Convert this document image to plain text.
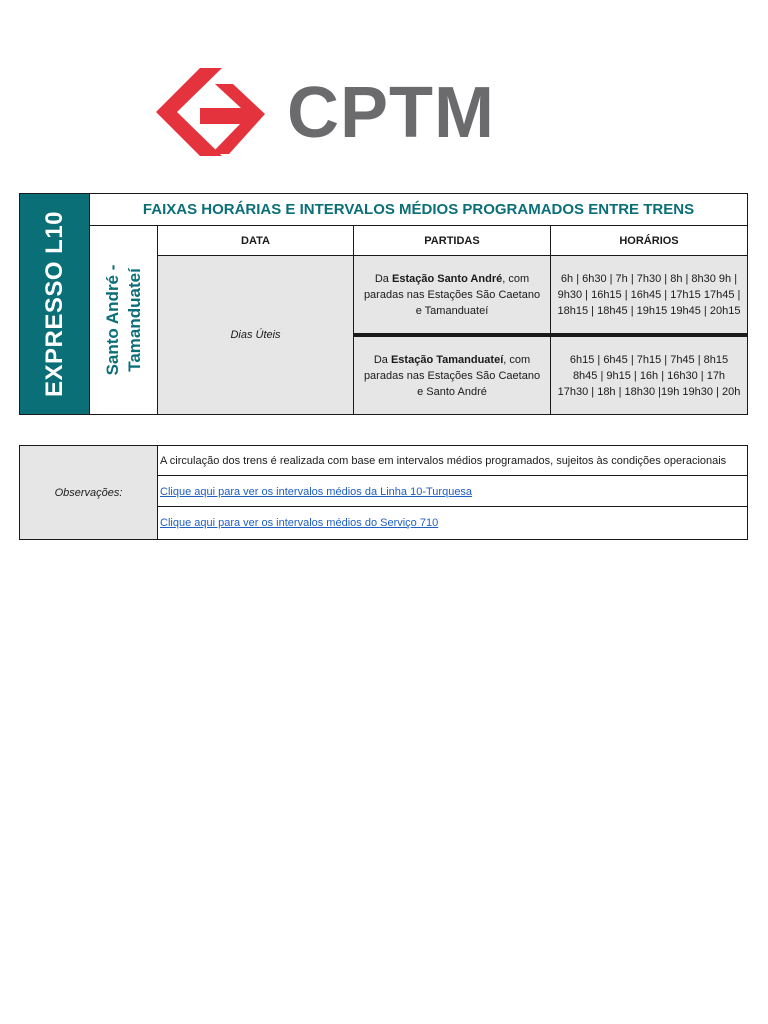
CPTM
EXPRESSO L10
FAIXAS HORÁRIAS E INTERVALOS MÉDIOS PROGRAMADOS ENTRE TRENS
Santo André - Tamanduateí
DATA	PARTIDAS	HORÁRIOS
Dias Úteis
Da Estação Santo André, com paradas nas Estações São Caetano e Tamanduateí
6h | 6h30 | 7h | 7h30 | 8h | 8h30 9h | 9h30 | 16h15 | 16h45 | 17h15 17h45 | 18h15 | 18h45 | 19h15 19h45 | 20h15
Da Estação Tamanduateí, com paradas nas Estações São Caetano e Santo André
6h15 | 6h45 | 7h15 | 7h45 | 8h15 8h45 | 9h15 | 16h | 16h30 | 17h 17h30 | 18h | 18h30 |19h 19h30 | 20h
Observações:
A circulação dos trens é realizada com base em intervalos médios programados, sujeitos às condições operacionais
Clique aqui para ver os intervalos médios da Linha 10-Turquesa
Clique aqui para ver os intervalos médios do Serviço 710
